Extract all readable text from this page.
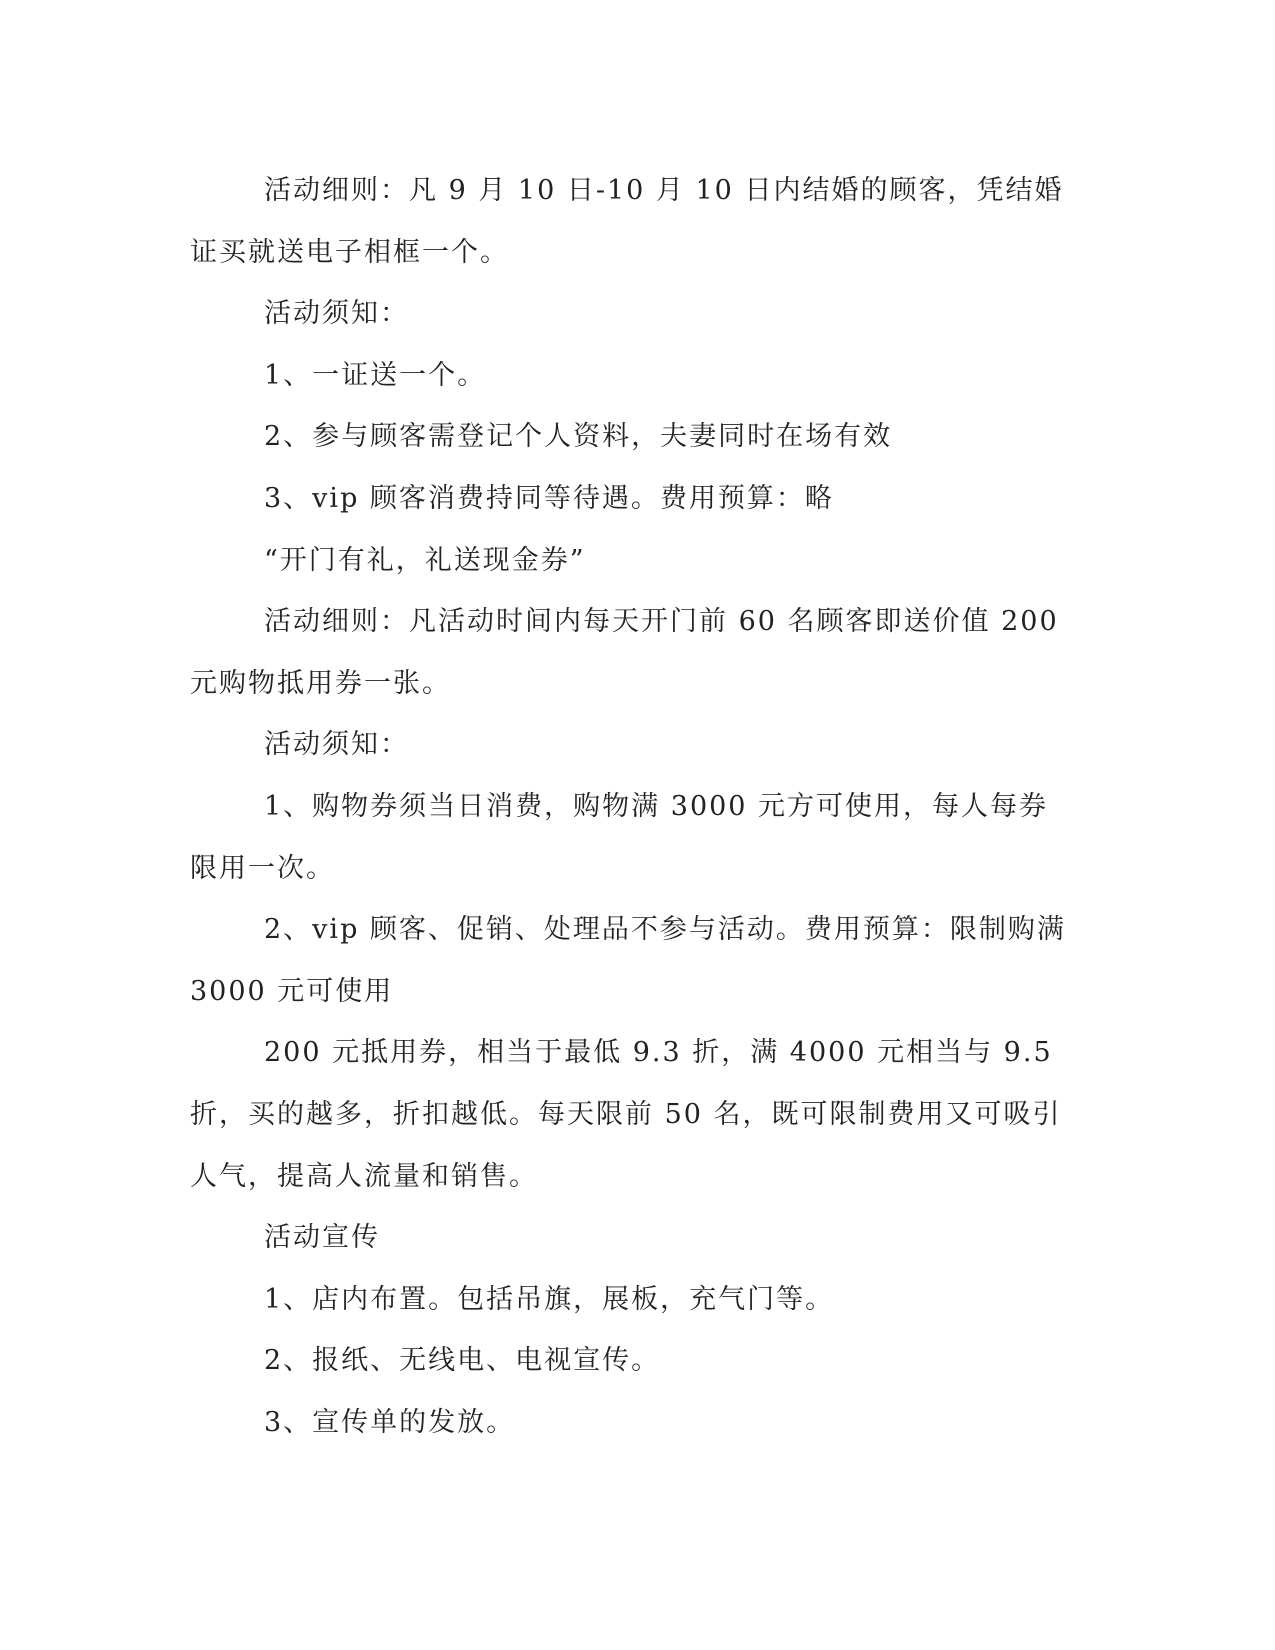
活动细则：凡 9 月 10 日-10 月 10 日内结婚的顾客，凭结婚证买就送电子相框一个。

活动须知：

1、一证送一个。

2、参与顾客需登记个人资料，夫妻同时在场有效

3、vip 顾客消费持同等待遇。费用预算：略

“开门有礼，礼送现金券”

活动细则：凡活动时间内每天开门前 60 名顾客即送价值 200 元购物抵用券一张。

活动须知：

1、购物券须当日消费，购物满 3000 元方可使用，每人每券限用一次。

2、vip 顾客、促销、处理品不参与活动。费用预算：限制购满 3000 元可使用

200 元抵用券，相当于最低 9.3 折，满 4000 元相当与 9.5 折，买的越多，折扣越低。每天限前 50 名，既可限制费用又可吸引人气，提高人流量和销售。

活动宣传

1、店内布置。包括吊旗，展板，充气门等。

2、报纸、无线电、电视宣传。

3、宣传单的发放。
